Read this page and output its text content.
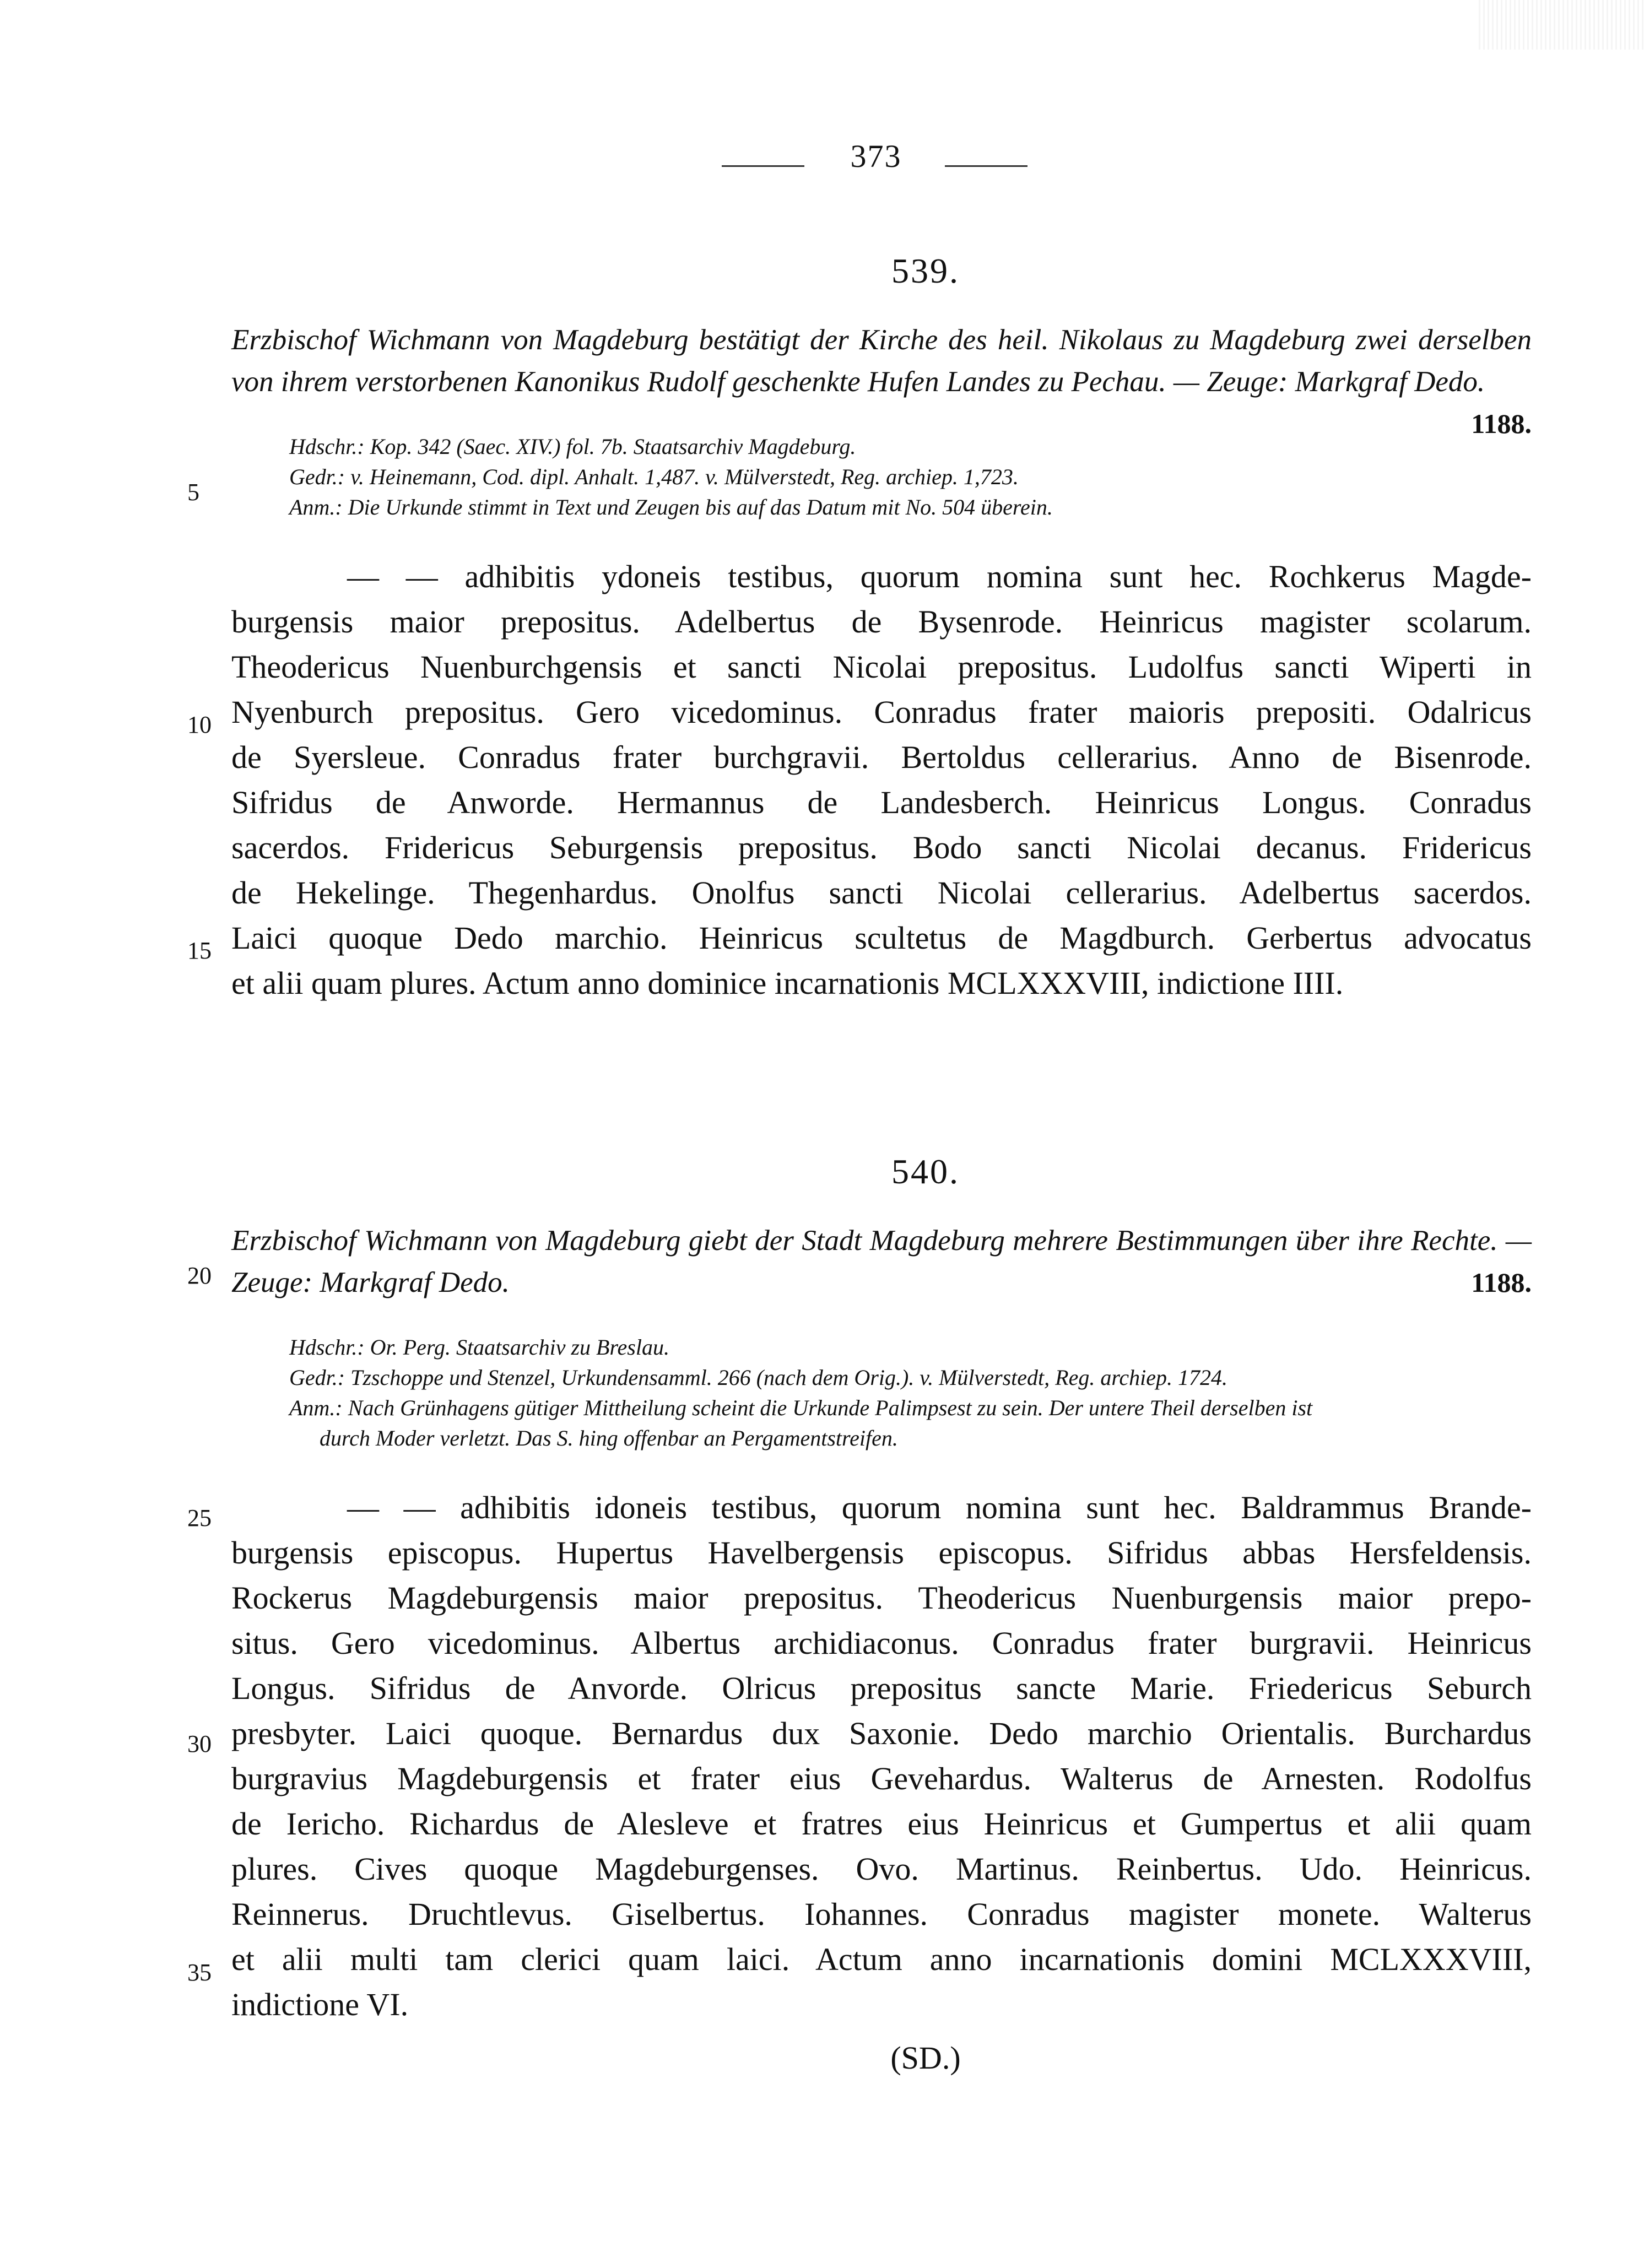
373

539.

Erzbischof Wichmann von Magdeburg bestätigt der Kirche des heil. Nikolaus zu Magdeburg zwei derselben von ihrem verstorbenen Kanonikus Rudolf geschenkte Hufen Landes zu Pechau. — Zeuge: Markgraf Dedo.
1188.
Hdschr.: Kop. 342 (Saec. XIV.) fol. 7b. Staatsarchiv Magdeburg.
Gedr.: v. Heinemann, Cod. dipl. Anhalt. 1,487. v. Mülverstedt, Reg. archiep. 1,723.
Anm.: Die Urkunde stimmt in Text und Zeugen bis auf das Datum mit No. 504 überein.
— — adhibitis ydoneis testibus, quorum nomina sunt hec. Rochkerus Magde-
burgensis maior prepositus. Adelbertus de Bysenrode. Heinricus magister scolarum.
Theodericus Nuenburchgensis et sancti Nicolai prepositus. Ludolfus sancti Wiperti in
Nyenburch prepositus. Gero vicedominus. Conradus frater maioris prepositi. Odalricus
de Syersleue. Conradus frater burchgravii. Bertoldus cellerarius. Anno de Bisenrode.
Sifridus de Anworde. Hermannus de Landesberch. Heinricus Longus. Conradus
sacerdos. Fridericus Seburgensis prepositus. Bodo sancti Nicolai decanus. Fridericus
de Hekelinge. Thegenhardus. Onolfus sancti Nicolai cellerarius. Adelbertus sacerdos.
Laici quoque Dedo marchio. Heinricus scultetus de Magdburch. Gerbertus advocatus
et alii quam plures. Actum anno dominice incarnationis MCLXXXVIII, indictione IIII.

540.

Erzbischof Wichmann von Magdeburg giebt der Stadt Magdeburg mehrere Bestimmungen über ihre Rechte. — Zeuge: Markgraf Dedo.	1188.
Hdschr.: Or. Perg. Staatsarchiv zu Breslau.
Gedr.: Tzschoppe und Stenzel, Urkundensamml. 266 (nach dem Orig.). v. Mülverstedt, Reg. archiep. 1724.
Anm.: Nach Grünhagens gütiger Mittheilung scheint die Urkunde Palimpsest zu sein. Der untere Theil derselben ist
durch Moder verletzt. Das S. hing offenbar an Pergamentstreifen.
— — adhibitis idoneis testibus, quorum nomina sunt hec. Baldrammus Brande-
burgensis episcopus. Hupertus Havelbergensis episcopus. Sifridus abbas Hersfeldensis.
Rockerus Magdeburgensis maior prepositus. Theodericus Nuenburgensis maior prepo-
situs. Gero vicedominus. Albertus archidiaconus. Conradus frater burgravii. Heinricus
Longus. Sifridus de Anvorde. Olricus prepositus sancte Marie. Friedericus Seburch
presbyter. Laici quoque. Bernardus dux Saxonie. Dedo marchio Orientalis. Burchardus
burgravius Magdeburgensis et frater eius Gevehardus. Walterus de Arnesten. Rodolfus
de Iericho. Richardus de Alesleve et fratres eius Heinricus et Gumpertus et alii quam
plures. Cives quoque Magdeburgenses. Ovo. Martinus. Reinbertus. Udo. Heinricus.
Reinnerus. Druchtlevus. Giselbertus. Iohannes. Conradus magister monete. Walterus
et alii multi tam clerici quam laici. Actum anno incarnationis domini MCLXXXVIII,
indictione VI.
(SD.)
5
10
15
20
25
30
35
